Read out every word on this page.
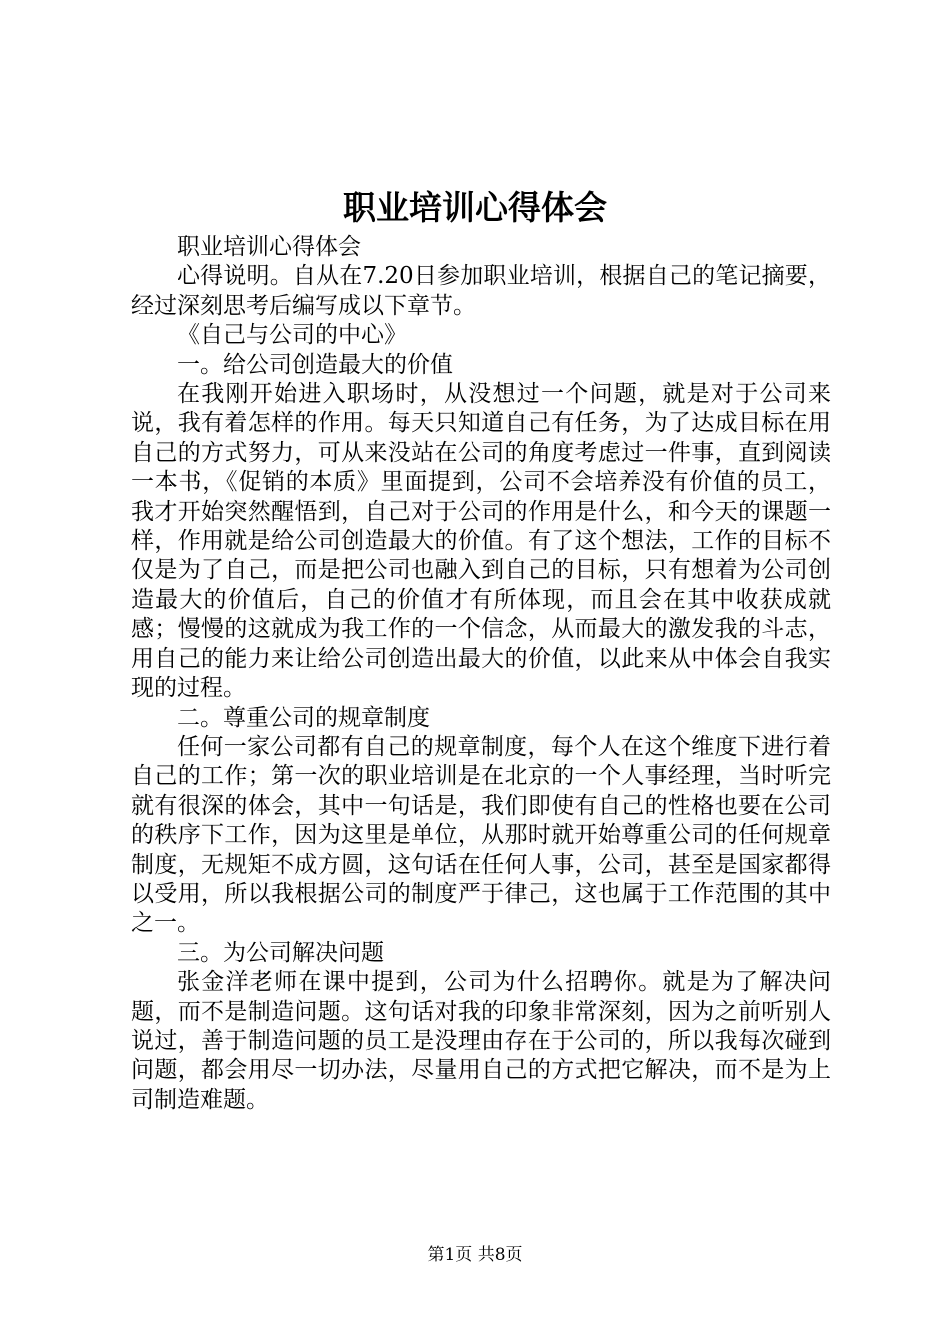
职业培训心得体会

职业培训心得体会

心得说明。自从在7.20日参加职业培训，根据自己的笔记摘要，经过深刻思考后编写成以下章节。

《自己与公司的中心》

一。给公司创造最大的价值

在我刚开始进入职场时，从没想过一个问题，就是对于公司来说，我有着怎样的作用。每天只知道自己有任务，为了达成目标在用自己的方式努力，可从来没站在公司的角度考虑过一件事，直到阅读一本书，《促销的本质》里面提到，公司不会培养没有价值的员工，我才开始突然醒悟到，自己对于公司的作用是什么，和今天的课题一样，作用就是给公司创造最大的价值。有了这个想法，工作的目标不仅是为了自己，而是把公司也融入到自己的目标，只有想着为公司创造最大的价值后，自己的价值才有所体现，而且会在其中收获成就感；慢慢的这就成为我工作的一个信念，从而最大的激发我的斗志，用自己的能力来让给公司创造出最大的价值，以此来从中体会自我实现的过程。

二。尊重公司的规章制度

任何一家公司都有自己的规章制度，每个人在这个维度下进行着自己的工作；第一次的职业培训是在北京的一个人事经理，当时听完就有很深的体会，其中一句话是，我们即使有自己的性格也要在公司的秩序下工作，因为这里是单位，从那时就开始尊重公司的任何规章制度，无规矩不成方圆，这句话在任何人事，公司，甚至是国家都得以受用，所以我根据公司的制度严于律己，这也属于工作范围的其中之一。

三。为公司解决问题

张金洋老师在课中提到，公司为什么招聘你。就是为了解决问题，而不是制造问题。这句话对我的印象非常深刻，因为之前听别人说过，善于制造问题的员工是没理由存在于公司的，所以我每次碰到问题，都会用尽一切办法，尽量用自己的方式把它解决，而不是为上司制造难题。

第1页 共8页
